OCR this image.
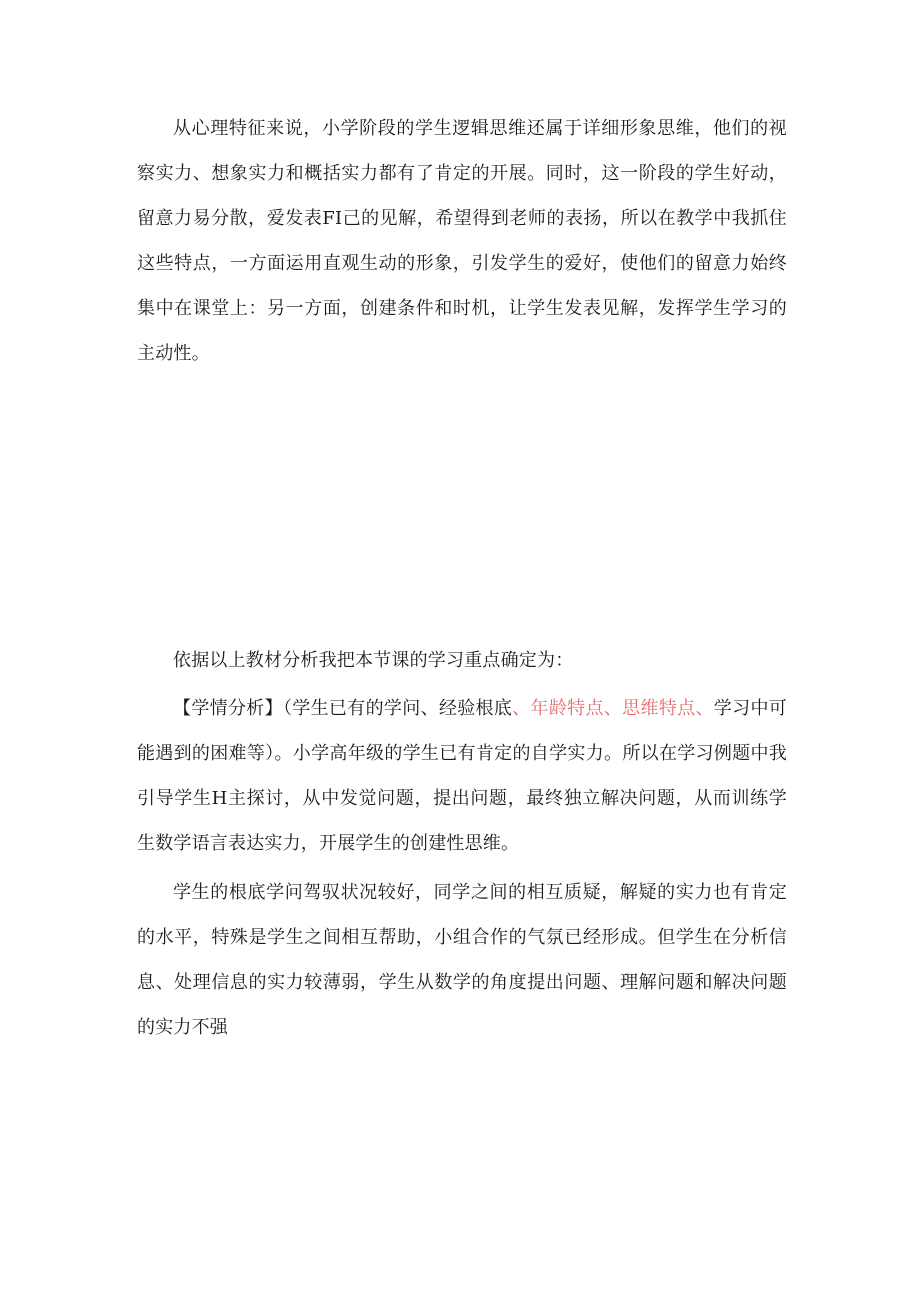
从心理特征来说，小学阶段的学生逻辑思维还属于详细形象思维，他们的视察实力、想象实力和概括实力都有了肯定的开展。同时，这一阶段的学生好动，留意力易分散，爱发表FI己的见解，希望得到老师的表扬，所以在教学中我抓住这些特点，一方面运用直观生动的形象，引发学生的爱好，使他们的留意力始终集中在课堂上：另一方面，创建条件和时机，让学生发表见解，发挥学生学习的主动性。

依据以上教材分析我把本节课的学习重点确定为：

【学情分析】（学生已有的学问、经验根底、年龄特点、思维特点、学习中可能遇到的困难等）。小学高年级的学生已有肯定的自学实力。所以在学习例题中我引导学生H主探讨，从中发觉问题，提出问题，最终独立解决问题，从而训练学生数学语言表达实力，开展学生的创建性思维。

学生的根底学问驾驭状况较好，同学之间的相互质疑，解疑的实力也有肯定的水平，特殊是学生之间相互帮助，小组合作的气氛已经形成。但学生在分析信息、处理信息的实力较薄弱，学生从数学的角度提出问题、理解问题和解决问题的实力不强
